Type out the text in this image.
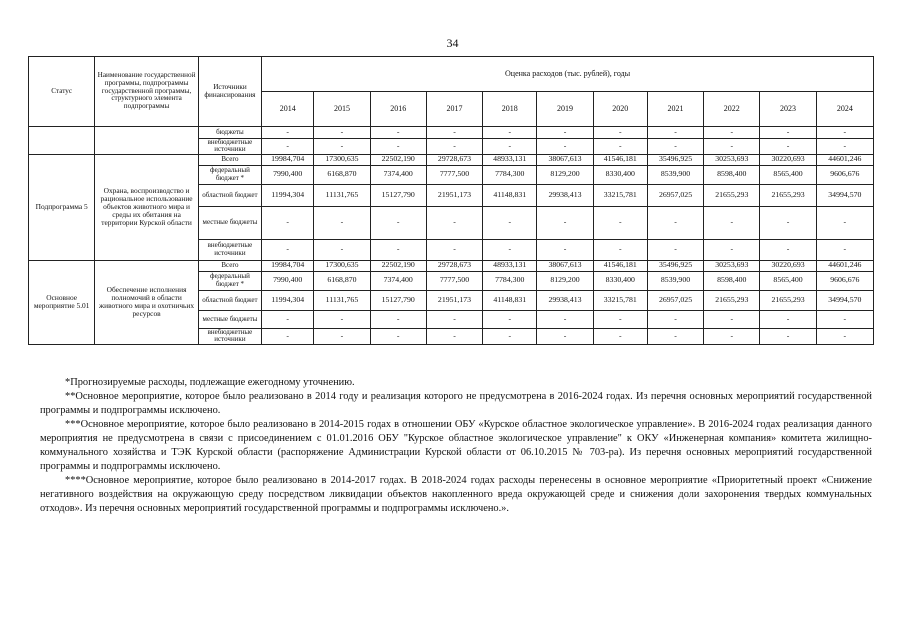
34
Статус	Наименование государственной программы, подпрограммы государственной программы, структурного элемента подпрограммы	Источники финансирования	Оценка расходов (тыс. рублей), годы										
			2014	2015	2016	2017	2018	2019	2020	2021	2022	2023	2024
		бюджеты	-	-	-	-	-	-	-	-	-	-	-
		внебюджетные источники	-	-	-	-	-	-	-	-	-	-	-
Подпрограмма 5	Охрана, воспроизводство и рациональное использование объектов животного мира и среды их обитания на территории Курской области	Всего	19984,704	17300,635	22502,190	29728,673	48933,131	38067,613	41546,181	35496,925	30253,693	30220,693	44601,246
		федеральный бюджет *	7990,400	6168,870	7374,400	7777,500	7784,300	8129,200	8330,400	8539,900	8598,400	8565,400	9606,676
		областной бюджет	11994,304	11131,765	15127,790	21951,173	41148,831	29938,413	33215,781	26957,025	21655,293	21655,293	34994,570
		местные бюджеты	-	-	-	-	-	-	-	-	-	-	-
		внебюджетные источники	-	-	-	-	-	-	-	-	-	-	-
Основное мероприятие 5.01	Обеспечение исполнения полномочий в области животного мира и охотничьих ресурсов	Всего	19984,704	17300,635	22502,190	29728,673	48933,131	38067,613	41546,181	35496,925	30253,693	30220,693	44601,246
		федеральный бюджет *	7990,400	6168,870	7374,400	7777,500	7784,300	8129,200	8330,400	8539,900	8598,400	8565,400	9606,676
		областной бюджет	11994,304	11131,765	15127,790	21951,173	41148,831	29938,413	33215,781	26957,025	21655,293	21655,293	34994,570
		местные бюджеты	-	-	-	-	-	-	-	-	-	-	-
		внебюджетные источники	-	-	-	-	-	-	-	-	-	-	-

*Прогнозируемые расходы, подлежащие ежегодному уточнению.

**Основное мероприятие, которое было реализовано в 2014 году и реализация которого не предусмотрена в 2016-2024 годах. Из перечня основных мероприятий государственной программы и подпрограммы исключено.

***Основное мероприятие, которое было реализовано в 2014-2015 годах в отношении ОБУ «Курское областное экологическое управление». В 2016-2024 годах реализация данного мероприятия не предусмотрена в связи с присоединением с 01.01.2016 ОБУ "Курское областное экологическое управление" к ОКУ «Инженерная компания» комитета жилищно-коммунального хозяйства и ТЭК Курской области (распоряжение Администрации Курской области от 06.10.2015 № 703-ра). Из перечня основных мероприятий государственной программы и подпрограммы исключено.

****Основное мероприятие, которое было реализовано в 2014-2017 годах. В 2018-2024 годах расходы перенесены в основное мероприятие «Приоритетный проект «Снижение негативного воздействия на окружающую среду посредством ликвидации объектов накопленного вреда окружающей среде и снижения доли захоронения твердых коммунальных отходов». Из перечня основных мероприятий государственной программы и подпрограммы исключено.».
